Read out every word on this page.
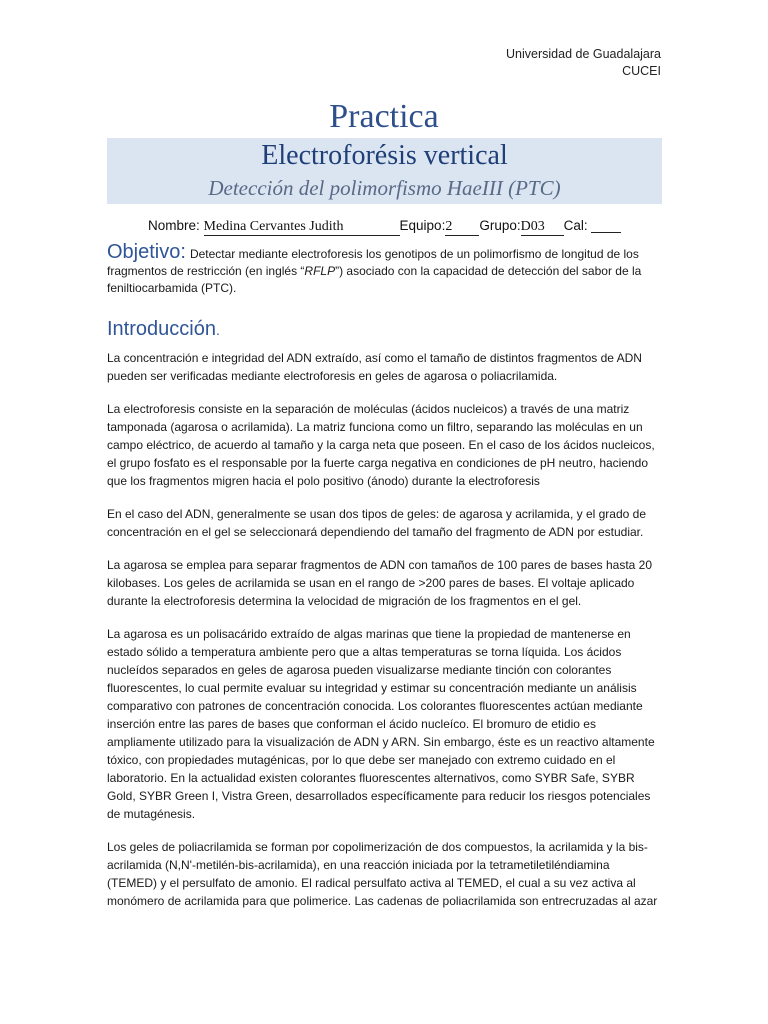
Universidad de Guadalajara
CUCEI
Practica
Electroforésis vertical
Detección del polimorfismo HaeIII (PTC)
Nombre: Medina Cervantes Judith	Equipo:2 Grupo:D03 Cal:
Objetivo: Detectar mediante electroforesis los genotipos de un polimorfismo de longitud de los fragmentos de restricción (en inglés “RFLP”) asociado con la capacidad de detección del sabor de la feniltiocarbamida (PTC).
Introducción.

La concentración e integridad del ADN extraído, así como el tamaño de distintos fragmentos de ADN pueden ser verificadas mediante electroforesis en geles de agarosa o poliacrilamida.

La electroforesis consiste en la separación de moléculas (ácidos nucleicos) a través de una matriz tamponada (agarosa o acrilamida). La matriz funciona como un filtro, separando las moléculas en un campo eléctrico, de acuerdo al tamaño y la carga neta que poseen. En el caso de los ácidos nucleicos, el grupo fosfato es el responsable por la fuerte carga negativa en condiciones de pH neutro, haciendo que los fragmentos migren hacia el polo positivo (ánodo) durante la electroforesis

En el caso del ADN, generalmente se usan dos tipos de geles: de agarosa y acrilamida, y el grado de concentración en el gel se seleccionará dependiendo del tamaño del fragmento de ADN por estudiar.

La agarosa se emplea para separar fragmentos de ADN con tamaños de 100 pares de bases hasta 20 kilobases. Los geles de acrilamida se usan en el rango de >200 pares de bases. El voltaje aplicado durante la electroforesis determina la velocidad de migración de los fragmentos en el gel.

La agarosa es un polisacárido extraído de algas marinas que tiene la propiedad de mantenerse en estado sólido a temperatura ambiente pero que a altas temperaturas se torna líquida. Los ácidos nucleídos separados en geles de agarosa pueden visualizarse mediante tinción con colorantes fluorescentes, lo cual permite evaluar su integridad y estimar su concentración mediante un análisis comparativo con patrones de concentración conocida. Los colorantes fluorescentes actúan mediante inserción entre las pares de bases que conforman el ácido nucleíco. El bromuro de etidio es ampliamente utilizado para la visualización de ADN y ARN. Sin embargo, éste es un reactivo altamente tóxico, con propiedades mutagénicas, por lo que debe ser manejado con extremo cuidado en el laboratorio. En la actualidad existen colorantes fluorescentes alternativos, como SYBR Safe, SYBR Gold, SYBR Green I, Vistra Green, desarrollados específicamente para reducir los riesgos potenciales de mutagénesis.

Los geles de poliacrilamida se forman por copolimerización de dos compuestos, la acrilamida y la bis-acrilamida (N,N'-metilén-bis-acrilamida), en una reacción iniciada por la tetrametiletiléndiamina (TEMED) y el persulfato de amonio. El radical persulfato activa al TEMED, el cual a su vez activa al monómero de acrilamida para que polimerice. Las cadenas de poliacrilamida son entrecruzadas al azar
